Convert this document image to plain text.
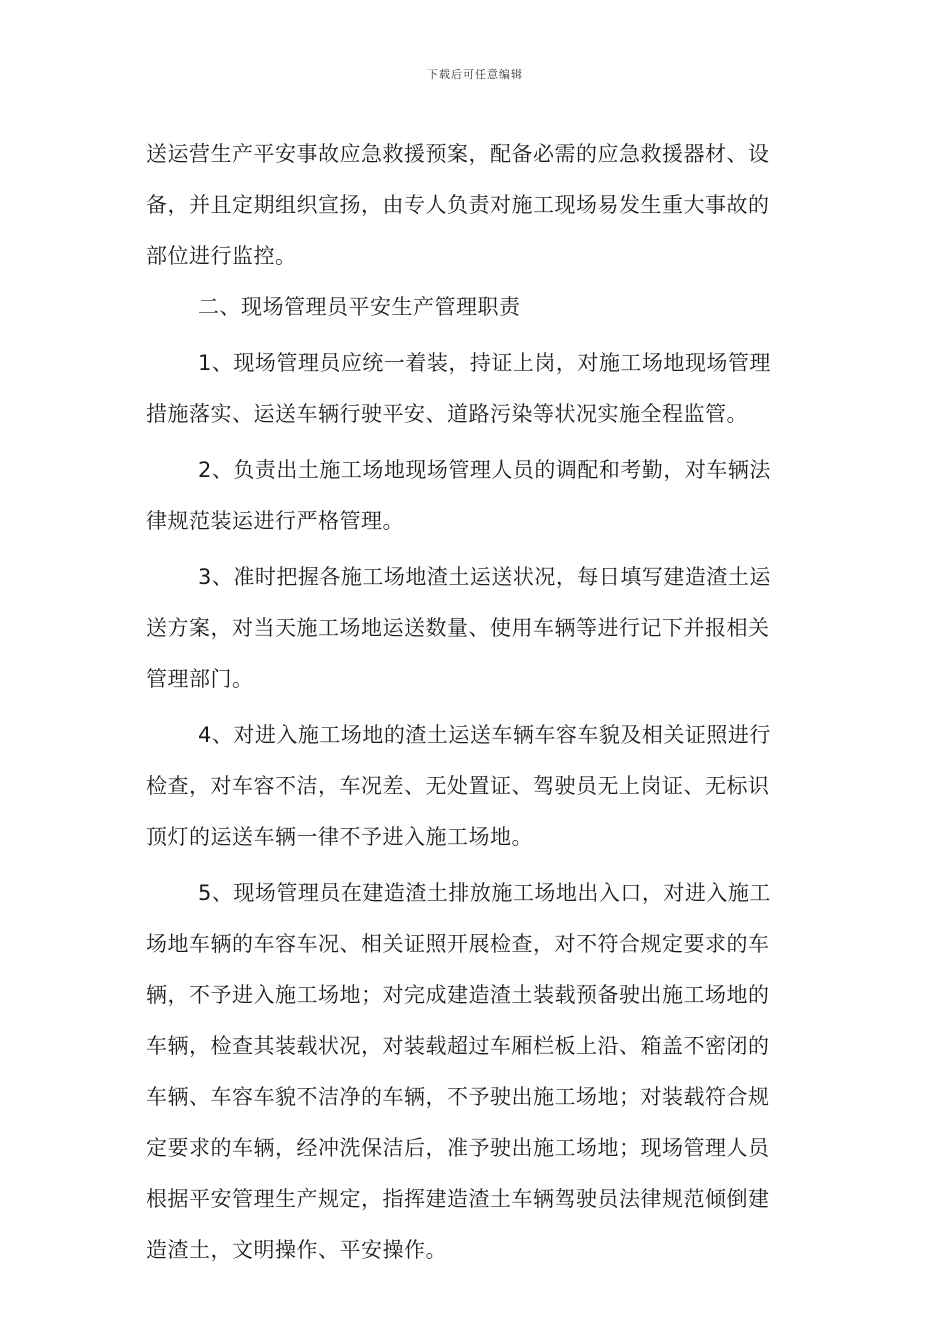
下载后可任意编辑
送运营生产平安事故应急救援预案，配备必需的应急救援器材、设
备，并且定期组织宣扬，由专人负责对施工现场易发生重大事故的
部位进行监控。
二、现场管理员平安生产管理职责
1、现场管理员应统一着装，持证上岗，对施工场地现场管理
措施落实、运送车辆行驶平安、道路污染等状况实施全程监管。
2、负责出土施工场地现场管理人员的调配和考勤，对车辆法
律规范装运进行严格管理。
3、准时把握各施工场地渣土运送状况，每日填写建造渣土运
送方案，对当天施工场地运送数量、使用车辆等进行记下并报相关
管理部门。
4、对进入施工场地的渣土运送车辆车容车貌及相关证照进行
检查，对车容不洁，车况差、无处置证、驾驶员无上岗证、无标识
顶灯的运送车辆一律不予进入施工场地。
5、现场管理员在建造渣土排放施工场地出入口，对进入施工
场地车辆的车容车况、相关证照开展检查，对不符合规定要求的车
辆，不予进入施工场地；对完成建造渣土装载预备驶出施工场地的
车辆，检查其装载状况，对装载超过车厢栏板上沿、箱盖不密闭的
车辆、车容车貌不洁净的车辆，不予驶出施工场地；对装载符合规
定要求的车辆，经冲洗保洁后，准予驶出施工场地；现场管理人员
根据平安管理生产规定，指挥建造渣土车辆驾驶员法律规范倾倒建
造渣土，文明操作、平安操作。
